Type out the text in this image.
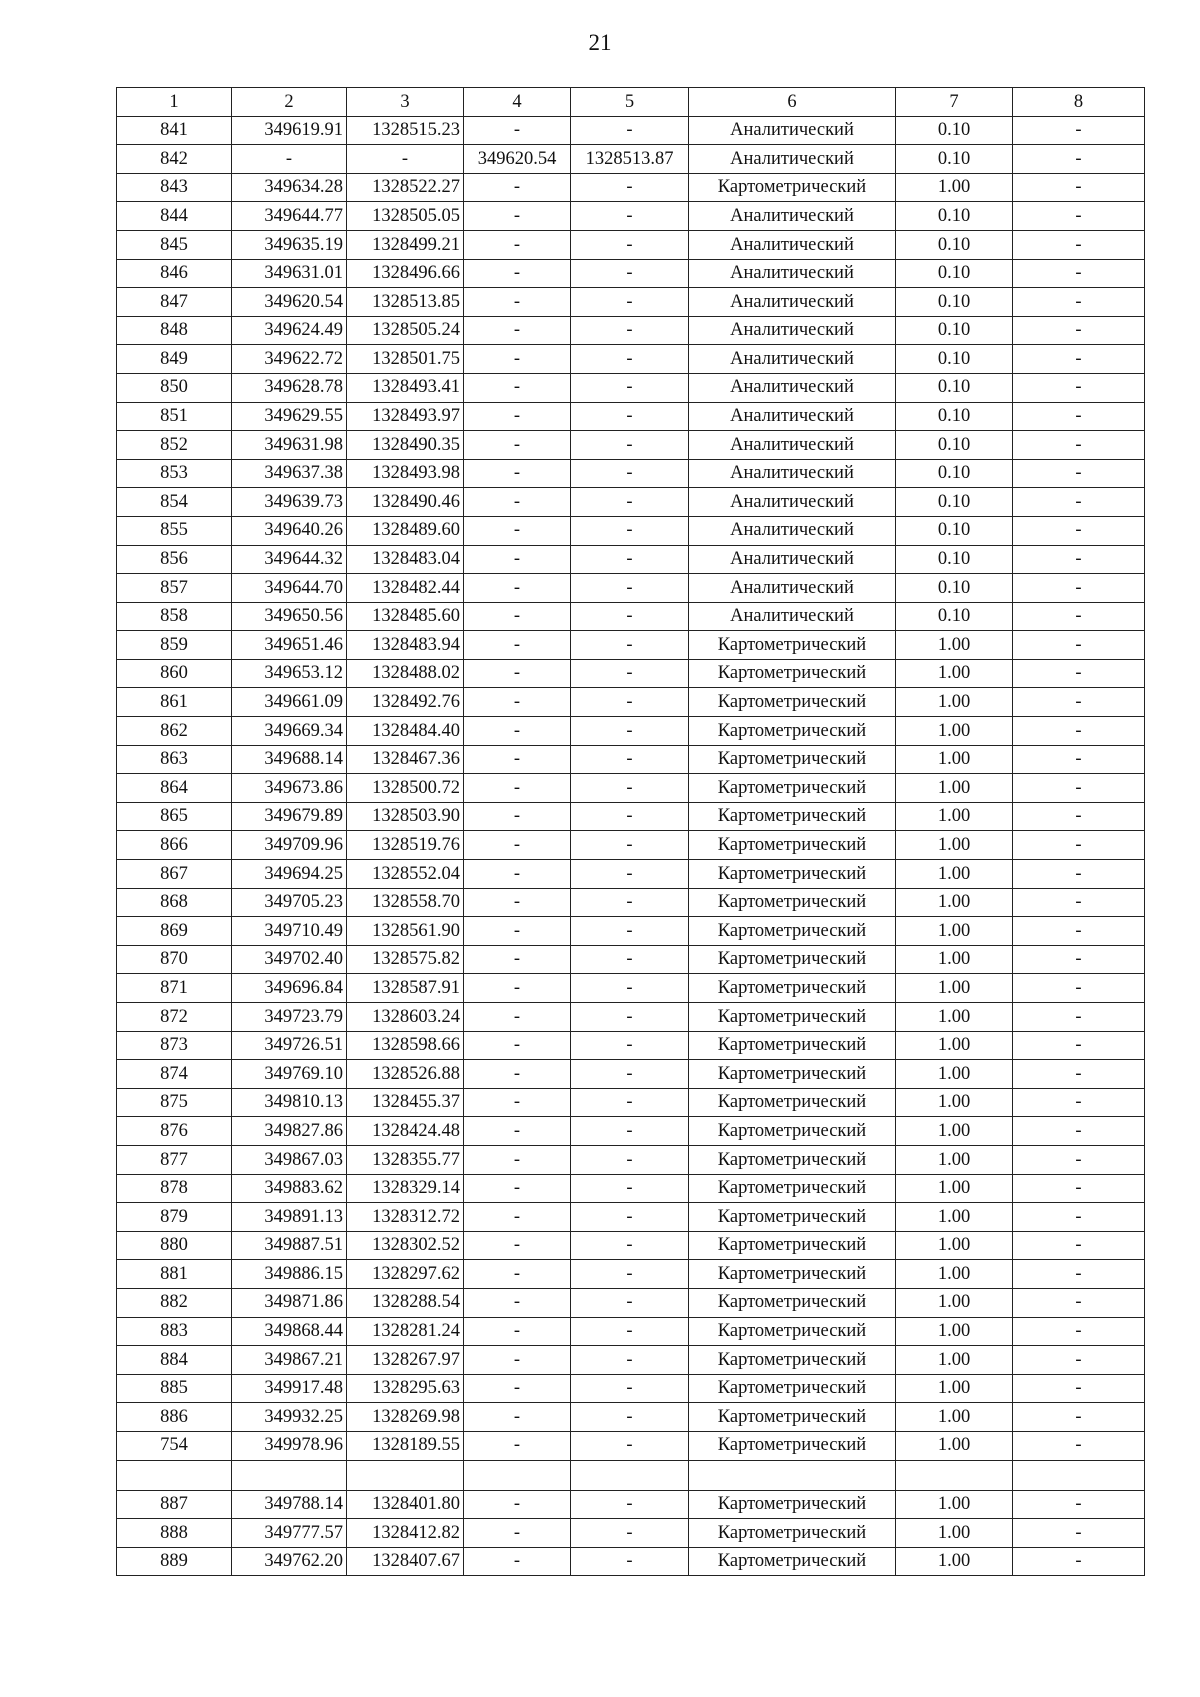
21
1	2	3	4	5	6	7	8
841	349619.91	1328515.23	-	-	Аналитический	0.10	-
842	-	-	349620.54	1328513.87	Аналитический	0.10	-
843	349634.28	1328522.27	-	-	Картометрический	1.00	-
844	349644.77	1328505.05	-	-	Аналитический	0.10	-
845	349635.19	1328499.21	-	-	Аналитический	0.10	-
846	349631.01	1328496.66	-	-	Аналитический	0.10	-
847	349620.54	1328513.85	-	-	Аналитический	0.10	-
848	349624.49	1328505.24	-	-	Аналитический	0.10	-
849	349622.72	1328501.75	-	-	Аналитический	0.10	-
850	349628.78	1328493.41	-	-	Аналитический	0.10	-
851	349629.55	1328493.97	-	-	Аналитический	0.10	-
852	349631.98	1328490.35	-	-	Аналитический	0.10	-
853	349637.38	1328493.98	-	-	Аналитический	0.10	-
854	349639.73	1328490.46	-	-	Аналитический	0.10	-
855	349640.26	1328489.60	-	-	Аналитический	0.10	-
856	349644.32	1328483.04	-	-	Аналитический	0.10	-
857	349644.70	1328482.44	-	-	Аналитический	0.10	-
858	349650.56	1328485.60	-	-	Аналитический	0.10	-
859	349651.46	1328483.94	-	-	Картометрический	1.00	-
860	349653.12	1328488.02	-	-	Картометрический	1.00	-
861	349661.09	1328492.76	-	-	Картометрический	1.00	-
862	349669.34	1328484.40	-	-	Картометрический	1.00	-
863	349688.14	1328467.36	-	-	Картометрический	1.00	-
864	349673.86	1328500.72	-	-	Картометрический	1.00	-
865	349679.89	1328503.90	-	-	Картометрический	1.00	-
866	349709.96	1328519.76	-	-	Картометрический	1.00	-
867	349694.25	1328552.04	-	-	Картометрический	1.00	-
868	349705.23	1328558.70	-	-	Картометрический	1.00	-
869	349710.49	1328561.90	-	-	Картометрический	1.00	-
870	349702.40	1328575.82	-	-	Картометрический	1.00	-
871	349696.84	1328587.91	-	-	Картометрический	1.00	-
872	349723.79	1328603.24	-	-	Картометрический	1.00	-
873	349726.51	1328598.66	-	-	Картометрический	1.00	-
874	349769.10	1328526.88	-	-	Картометрический	1.00	-
875	349810.13	1328455.37	-	-	Картометрический	1.00	-
876	349827.86	1328424.48	-	-	Картометрический	1.00	-
877	349867.03	1328355.77	-	-	Картометрический	1.00	-
878	349883.62	1328329.14	-	-	Картометрический	1.00	-
879	349891.13	1328312.72	-	-	Картометрический	1.00	-
880	349887.51	1328302.52	-	-	Картометрический	1.00	-
881	349886.15	1328297.62	-	-	Картометрический	1.00	-
882	349871.86	1328288.54	-	-	Картометрический	1.00	-
883	349868.44	1328281.24	-	-	Картометрический	1.00	-
884	349867.21	1328267.97	-	-	Картометрический	1.00	-
885	349917.48	1328295.63	-	-	Картометрический	1.00	-
886	349932.25	1328269.98	-	-	Картометрический	1.00	-
754	349978.96	1328189.55	-	-	Картометрический	1.00	-

887	349788.14	1328401.80	-	-	Картометрический	1.00	-
888	349777.57	1328412.82	-	-	Картометрический	1.00	-
889	349762.20	1328407.67	-	-	Картометрический	1.00	-
